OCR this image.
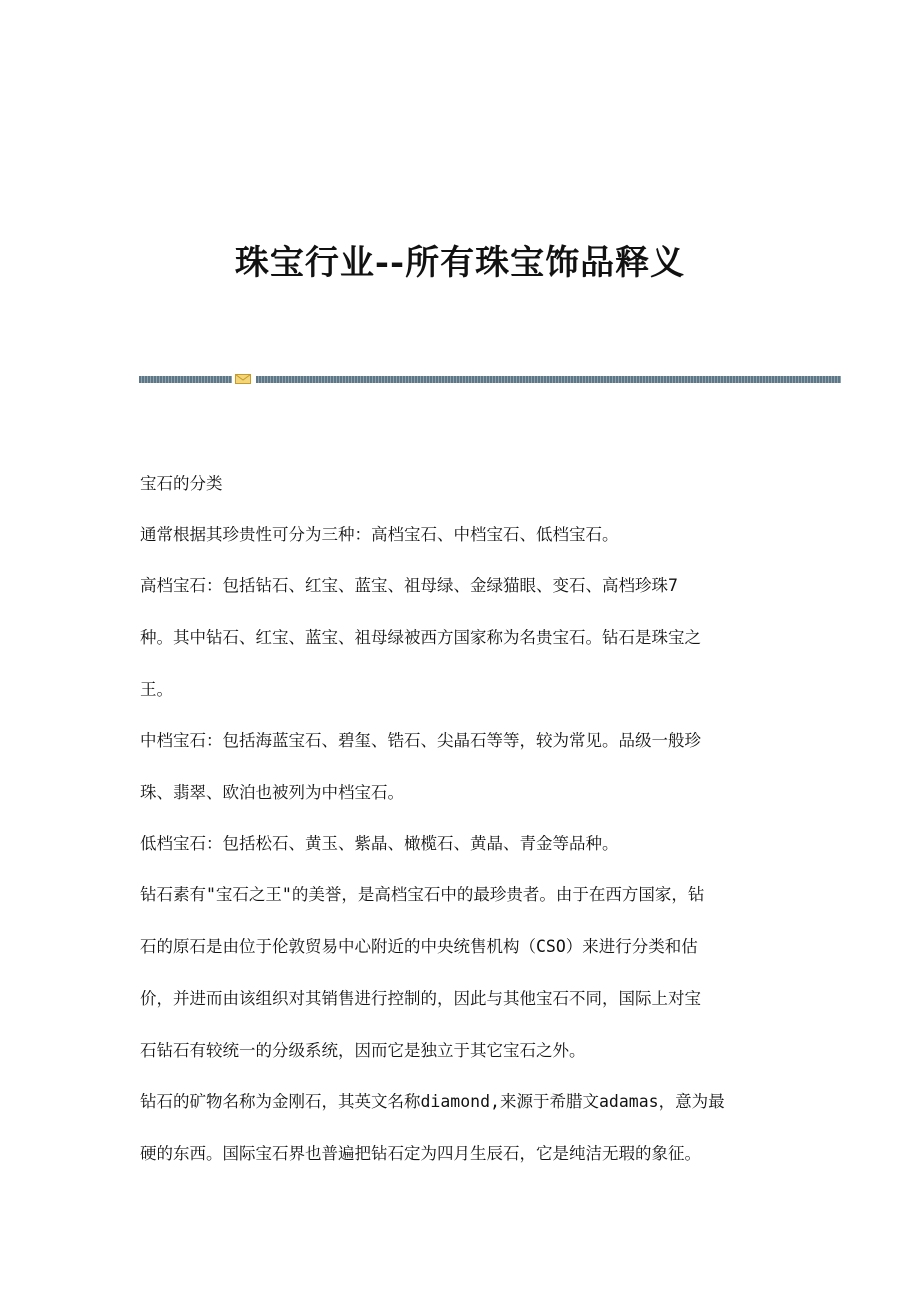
珠宝行业--所有珠宝饰品释义

宝石的分类

通常根据其珍贵性可分为三种：高档宝石、中档宝石、低档宝石。

高档宝石：包括钻石、红宝、蓝宝、祖母绿、金绿猫眼、变石、高档珍珠7
种。其中钻石、红宝、蓝宝、祖母绿被西方国家称为名贵宝石。钻石是珠宝之
王。

中档宝石：包括海蓝宝石、碧玺、锆石、尖晶石等等，较为常见。品级一般珍
珠、翡翠、欧泊也被列为中档宝石。

低档宝石：包括松石、黄玉、紫晶、橄榄石、黄晶、青金等品种。

钻石素有"宝石之王"的美誉，是高档宝石中的最珍贵者。由于在西方国家，钻
石的原石是由位于伦敦贸易中心附近的中央统售机构（CSO）来进行分类和估
价，并进而由该组织对其销售进行控制的，因此与其他宝石不同，国际上对宝
石钻石有较统一的分级系统，因而它是独立于其它宝石之外。

钻石的矿物名称为金刚石，其英文名称diamond,来源于希腊文adamas，意为最
硬的东西。国际宝石界也普遍把钻石定为四月生辰石，它是纯洁无瑕的象征。
